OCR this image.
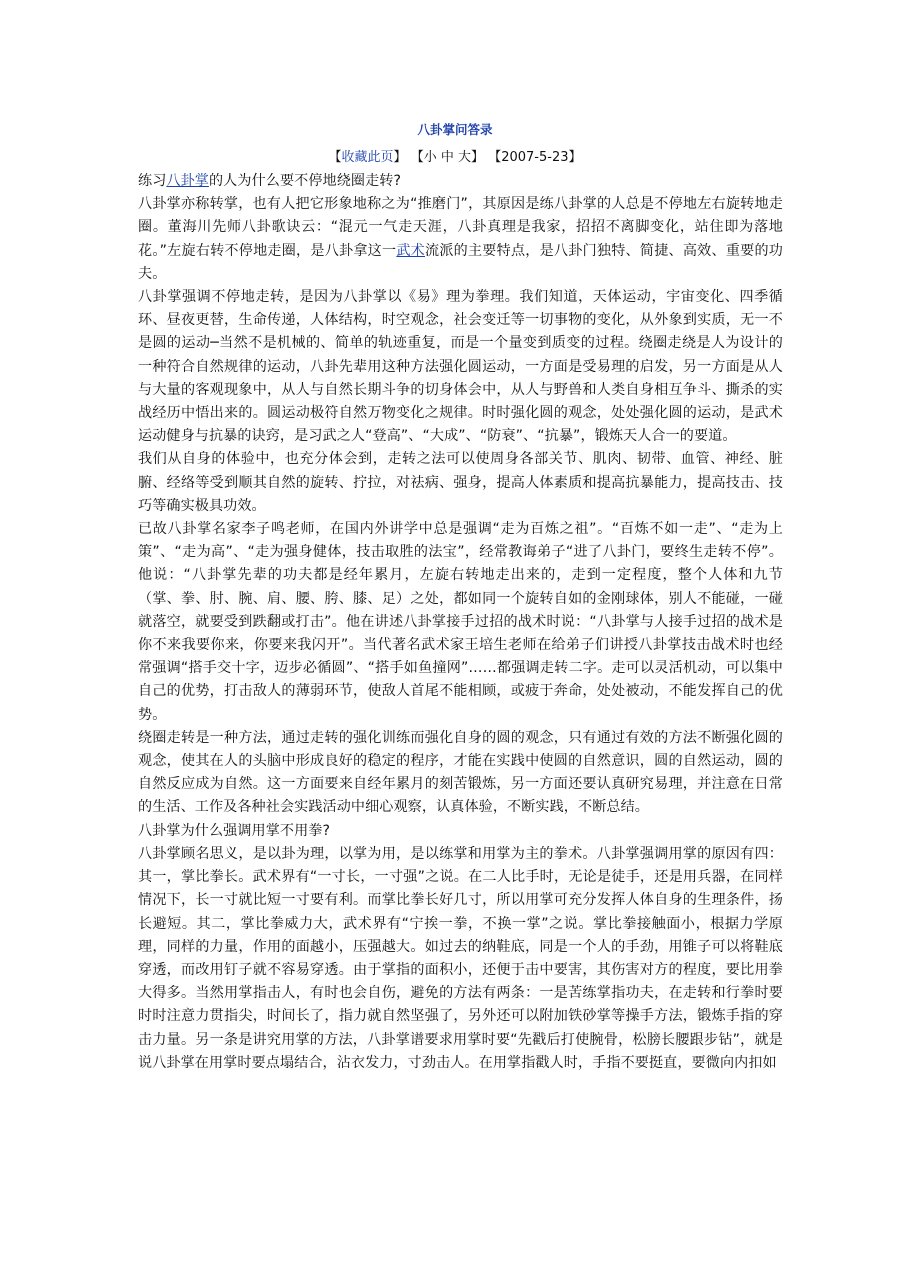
八卦掌问答录
【收藏此页】 【小 中 大】 【2007-5-23】

练习八卦掌的人为什么要不停地绕圈走转?

八卦掌亦称转掌，也有人把它形象地称之为“推磨门”，其原因是练八卦掌的人总是不停地左右旋转地走圈。董海川先师八卦歌诀云：“混元一气走天涯，八卦真理是我家，招招不离脚变化，站住即为落地花。”左旋右转不停地走圈，是八卦拿这一武术流派的主要特点，是八卦门独特、简捷、高效、重要的功夫。

八卦掌强调不停地走转，是因为八卦掌以《易》理为拳理。我们知道，天体运动，宇宙变化、四季循环、昼夜更替，生命传递，人体结构，时空观念，社会变迁等一切事物的变化，从外象到实质，无一不是圆的运动─当然不是机械的、简单的轨迹重复，而是一个量变到质变的过程。绕圈走绕是人为设计的一种符合自然规律的运动，八卦先辈用这种方法强化圆运动，一方面是受易理的启发，另一方面是从人与大量的客观现象中，从人与自然长期斗争的切身体会中，从人与野兽和人类自身相互争斗、撕杀的实战经历中悟出来的。圆运动极符自然万物变化之规律。时时强化圆的观念，处处强化圆的运动，是武术运动健身与抗暴的诀窍，是习武之人“登高”、“大成”、“防衰”、“抗暴”，锻炼天人合一的要道。

我们从自身的体验中，也充分体会到，走转之法可以使周身各部关节、肌肉、韧带、血管、神经、脏腑、经络等受到顺其自然的旋转、拧拉，对祛病、强身，提高人体素质和提高抗暴能力，提高技击、技巧等确实极具功效。

已故八卦掌名家李子鸣老师，在国内外讲学中总是强调“走为百炼之祖”。“百炼不如一走”、“走为上策”、“走为高”、“走为强身健体，技击取胜的法宝”，经常教诲弟子“进了八卦门，要终生走转不停”。他说：“八卦掌先辈的功夫都是经年累月，左旋右转地走出来的，走到一定程度，整个人体和九节（掌、拳、肘、腕、肩、腰、胯、膝、足）之处，都如同一个旋转自如的金刚球体，别人不能碰，一碰就落空，就要受到跌翻或打击”。他在讲述八卦掌接手过招的战术时说：“八卦掌与人接手过招的战术是你不来我要你来，你要来我闪开”。当代著名武术家王培生老师在给弟子们讲授八卦掌技击战术时也经常强调“搭手交十字，迈步必循圆”、“搭手如鱼撞网”……都强调走转二字。走可以灵活机动，可以集中自己的优势，打击敌人的薄弱环节，使敌人首尾不能相顾，或疲于奔命，处处被动，不能发挥自己的优势。

绕圈走转是一种方法，通过走转的强化训练而强化自身的圆的观念，只有通过有效的方法不断强化圆的观念，使其在人的头脑中形成良好的稳定的程序，才能在实践中使圆的自然意识，圆的自然运动，圆的自然反应成为自然。这一方面要来自经年累月的刻苦锻炼，另一方面还要认真研究易理，并注意在日常的生活、工作及各种社会实践活动中细心观察，认真体验，不断实践，不断总结。

八卦掌为什么强调用掌不用拳?

八卦掌顾名思义，是以卦为理，以掌为用，是以练掌和用掌为主的拳术。八卦掌强调用掌的原因有四：其一，掌比拳长。武术界有“一寸长，一寸强”之说。在二人比手时，无论是徒手，还是用兵器，在同样情况下，长一寸就比短一寸要有利。而掌比拳长好几寸，所以用掌可充分发挥人体自身的生理条件，扬长避短。其二，掌比拳威力大，武术界有“宁挨一拳，不换一掌”之说。掌比拳接触面小，根据力学原理，同样的力量，作用的面越小，压强越大。如过去的纳鞋底，同是一个人的手劲，用锥子可以将鞋底穿透，而改用钉子就不容易穿透。由于掌指的面积小，还便于击中要害，其伤害对方的程度，要比用拳大得多。当然用掌指击人，有时也会自伤，避免的方法有两条：一是苦练掌指功夫，在走转和行拳时要时时注意力贯指尖，时间长了，指力就自然坚强了，另外还可以附加铁砂掌等操手方法，锻炼手指的穿击力量。另一条是讲究用掌的方法，八卦掌谱要求用掌时要“先戳后打使腕骨，松膀长腰跟步钻”，就是说八卦掌在用掌时要点塌结合，沾衣发力，寸劲击人。在用掌指戳人时，手指不要挺直，要微向内扣如
